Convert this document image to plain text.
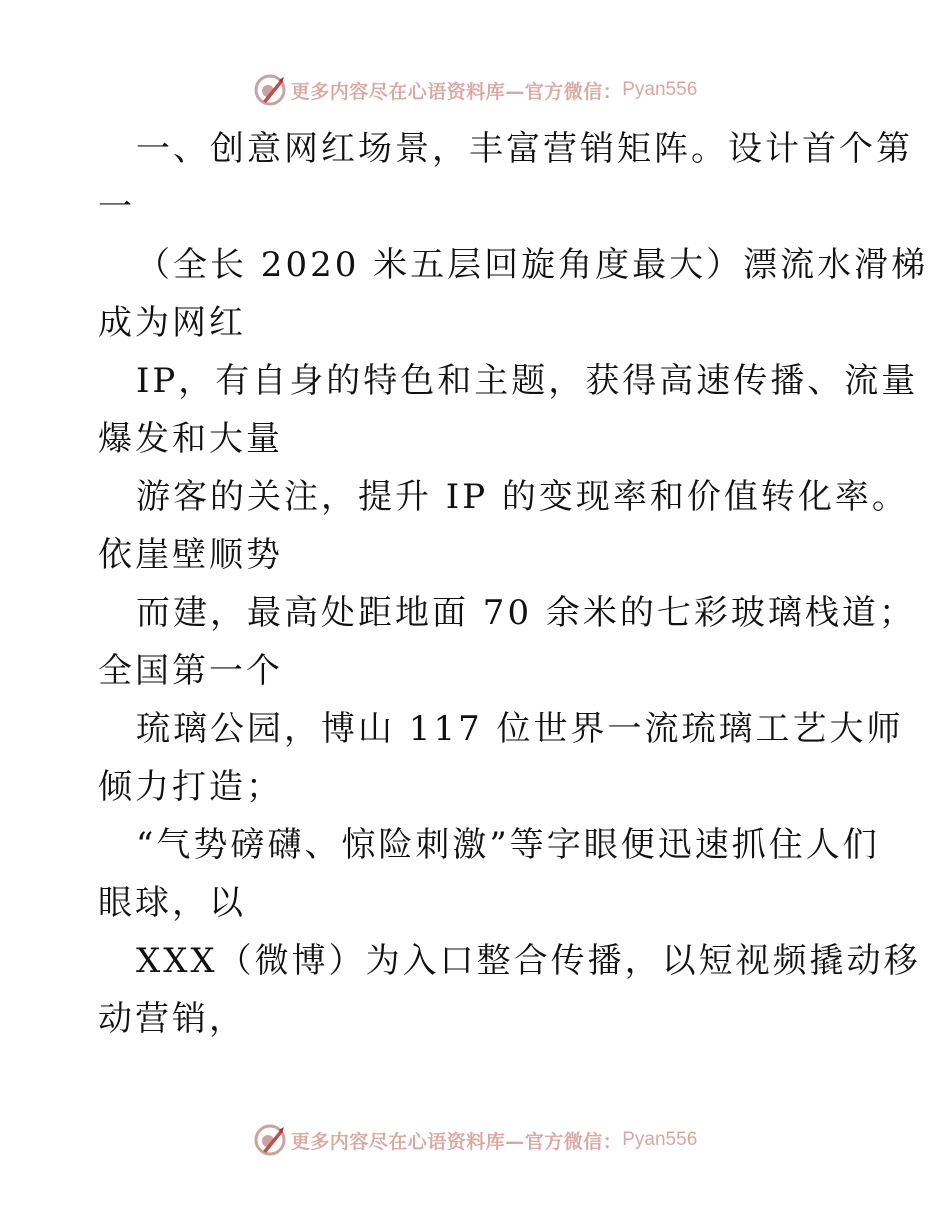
更多内容尽在心语资料库—官方微信： Pyan556
一、创意网红场景，丰富营销矩阵。设计首个第
一
（全长 2020 米五层回旋角度最大）漂流水滑梯
成为网红
IP，有自身的特色和主题，获得高速传播、流量
爆发和大量
游客的关注，提升 IP 的变现率和价值转化率。
依崖壁顺势
而建，最高处距地面 70 余米的七彩玻璃栈道；
全国第一个
琉璃公园，博山 117 位世界一流琉璃工艺大师
倾力打造；
“气势磅礴、惊险刺激”等字眼便迅速抓住人们
眼球，以
XXX（微博）为入口整合传播，以短视频撬动移
动营销，
更多内容尽在心语资料库—官方微信： Pyan556
